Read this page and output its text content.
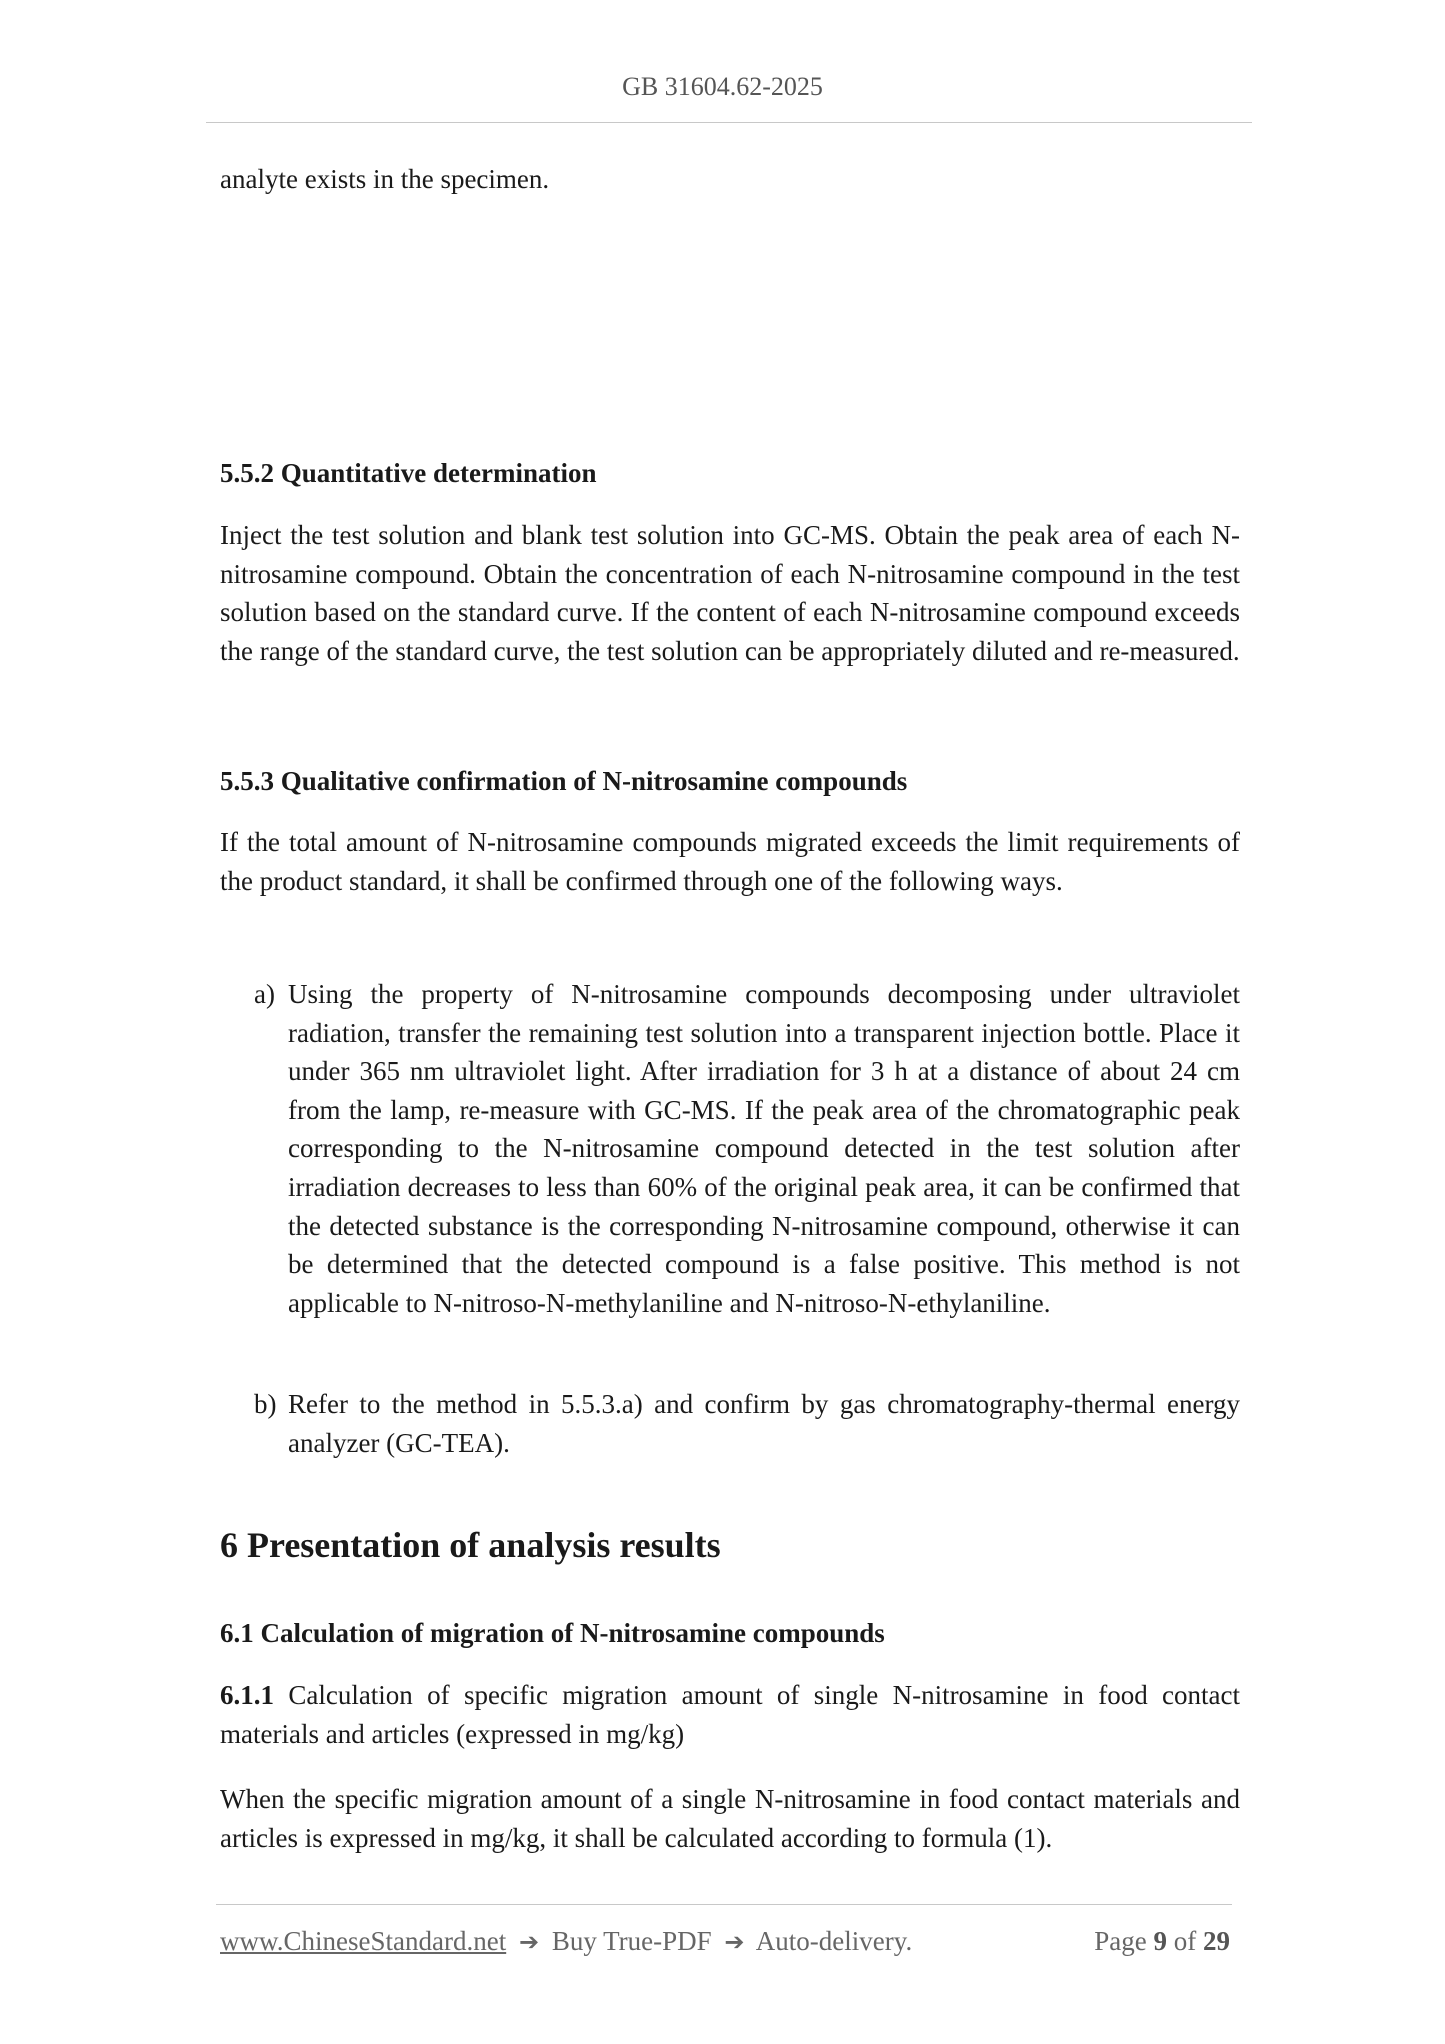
GB 31604.62-2025
analyte exists in the specimen.
5.5.2 Quantitative determination
Inject the test solution and blank test solution into GC-MS. Obtain the peak area of each N-nitrosamine compound. Obtain the concentration of each N-nitrosamine compound in the test solution based on the standard curve. If the content of each N-nitrosamine compound exceeds the range of the standard curve, the test solution can be appropriately diluted and re-measured.
5.5.3 Qualitative confirmation of N-nitrosamine compounds
If the total amount of N-nitrosamine compounds migrated exceeds the limit requirements of the product standard, it shall be confirmed through one of the following ways.
a) Using the property of N-nitrosamine compounds decomposing under ultraviolet radiation, transfer the remaining test solution into a transparent injection bottle. Place it under 365 nm ultraviolet light. After irradiation for 3 h at a distance of about 24 cm from the lamp, re-measure with GC-MS. If the peak area of the chromatographic peak corresponding to the N-nitrosamine compound detected in the test solution after irradiation decreases to less than 60% of the original peak area, it can be confirmed that the detected substance is the corresponding N-nitrosamine compound, otherwise it can be determined that the detected compound is a false positive. This method is not applicable to N-nitroso-N-methylaniline and N-nitroso-N-ethylaniline.
b) Refer to the method in 5.5.3.a) and confirm by gas chromatography-thermal energy analyzer (GC-TEA).
6 Presentation of analysis results
6.1 Calculation of migration of N-nitrosamine compounds
6.1.1 Calculation of specific migration amount of single N-nitrosamine in food contact materials and articles (expressed in mg/kg)
When the specific migration amount of a single N-nitrosamine in food contact materials and articles is expressed in mg/kg, it shall be calculated according to formula (1).
www.ChineseStandard.net ➔ Buy True-PDF ➔ Auto-delivery.	Page 9 of 29
